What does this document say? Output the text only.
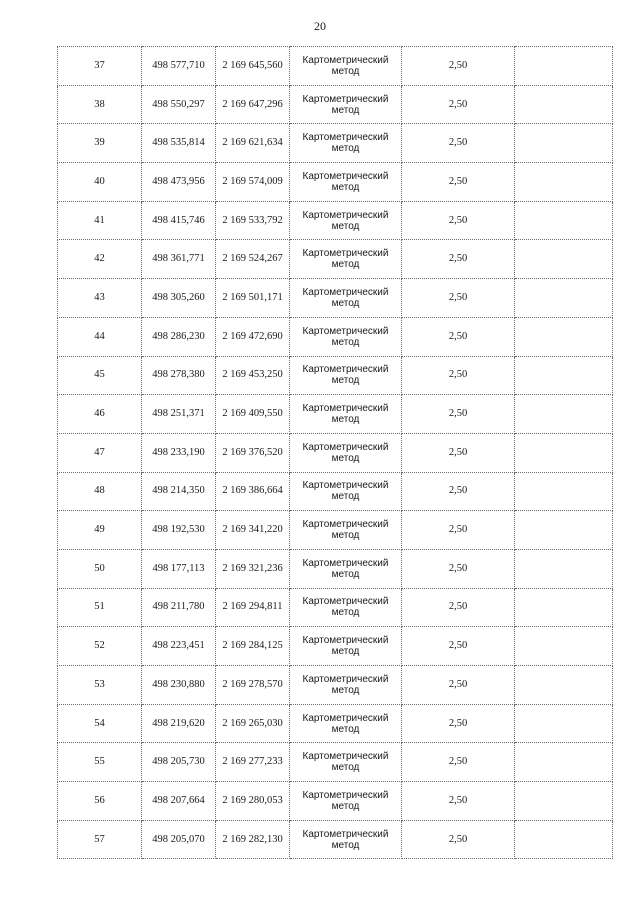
20
37	498 577,710	2 169 645,560	Картометрический метод	2,50	
38	498 550,297	2 169 647,296	Картометрический метод	2,50	
39	498 535,814	2 169 621,634	Картометрический метод	2,50	
40	498 473,956	2 169 574,009	Картометрический метод	2,50	
41	498 415,746	2 169 533,792	Картометрический метод	2,50	
42	498 361,771	2 169 524,267	Картометрический метод	2,50	
43	498 305,260	2 169 501,171	Картометрический метод	2,50	
44	498 286,230	2 169 472,690	Картометрический метод	2,50	
45	498 278,380	2 169 453,250	Картометрический метод	2,50	
46	498 251,371	2 169 409,550	Картометрический метод	2,50	
47	498 233,190	2 169 376,520	Картометрический метод	2,50	
48	498 214,350	2 169 386,664	Картометрический метод	2,50	
49	498 192,530	2 169 341,220	Картометрический метод	2,50	
50	498 177,113	2 169 321,236	Картометрический метод	2,50	
51	498 211,780	2 169 294,811	Картометрический метод	2,50	
52	498 223,451	2 169 284,125	Картометрический метод	2,50	
53	498 230,880	2 169 278,570	Картометрический метод	2,50	
54	498 219,620	2 169 265,030	Картометрический метод	2,50	
55	498 205,730	2 169 277,233	Картометрический метод	2,50	
56	498 207,664	2 169 280,053	Картометрический метод	2,50	
57	498 205,070	2 169 282,130	Картометрический метод	2,50	
